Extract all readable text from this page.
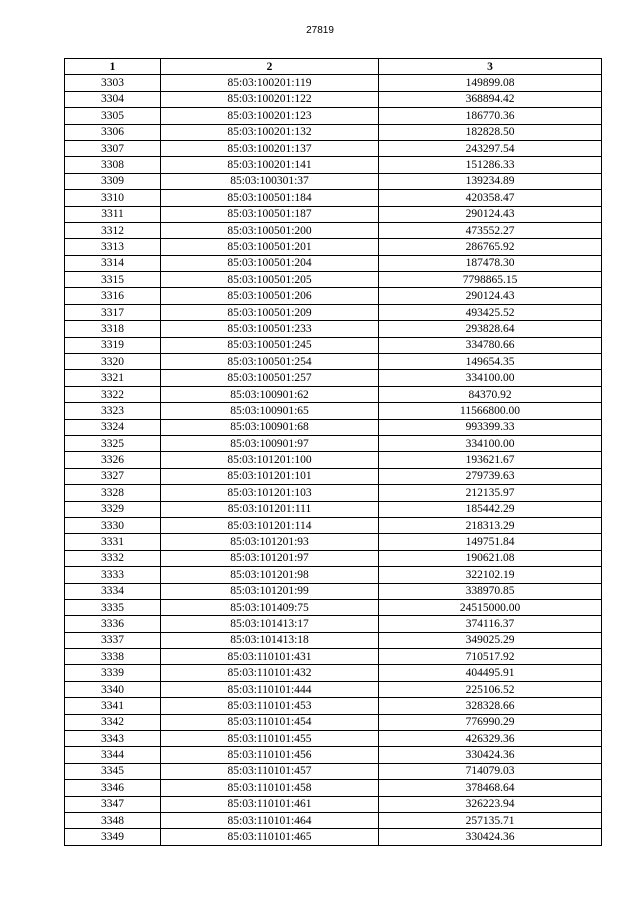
27819
1	2	3
3303	85:03:100201:119	149899.08
3304	85:03:100201:122	368894.42
3305	85:03:100201:123	186770.36
3306	85:03:100201:132	182828.50
3307	85:03:100201:137	243297.54
3308	85:03:100201:141	151286.33
3309	85:03:100301:37	139234.89
3310	85:03:100501:184	420358.47
3311	85:03:100501:187	290124.43
3312	85:03:100501:200	473552.27
3313	85:03:100501:201	286765.92
3314	85:03:100501:204	187478.30
3315	85:03:100501:205	7798865.15
3316	85:03:100501:206	290124.43
3317	85:03:100501:209	493425.52
3318	85:03:100501:233	293828.64
3319	85:03:100501:245	334780.66
3320	85:03:100501:254	149654.35
3321	85:03:100501:257	334100.00
3322	85:03:100901:62	84370.92
3323	85:03:100901:65	11566800.00
3324	85:03:100901:68	993399.33
3325	85:03:100901:97	334100.00
3326	85:03:101201:100	193621.67
3327	85:03:101201:101	279739.63
3328	85:03:101201:103	212135.97
3329	85:03:101201:111	185442.29
3330	85:03:101201:114	218313.29
3331	85:03:101201:93	149751.84
3332	85:03:101201:97	190621.08
3333	85:03:101201:98	322102.19
3334	85:03:101201:99	338970.85
3335	85:03:101409:75	24515000.00
3336	85:03:101413:17	374116.37
3337	85:03:101413:18	349025.29
3338	85:03:110101:431	710517.92
3339	85:03:110101:432	404495.91
3340	85:03:110101:444	225106.52
3341	85:03:110101:453	328328.66
3342	85:03:110101:454	776990.29
3343	85:03:110101:455	426329.36
3344	85:03:110101:456	330424.36
3345	85:03:110101:457	714079.03
3346	85:03:110101:458	378468.64
3347	85:03:110101:461	326223.94
3348	85:03:110101:464	257135.71
3349	85:03:110101:465	330424.36
